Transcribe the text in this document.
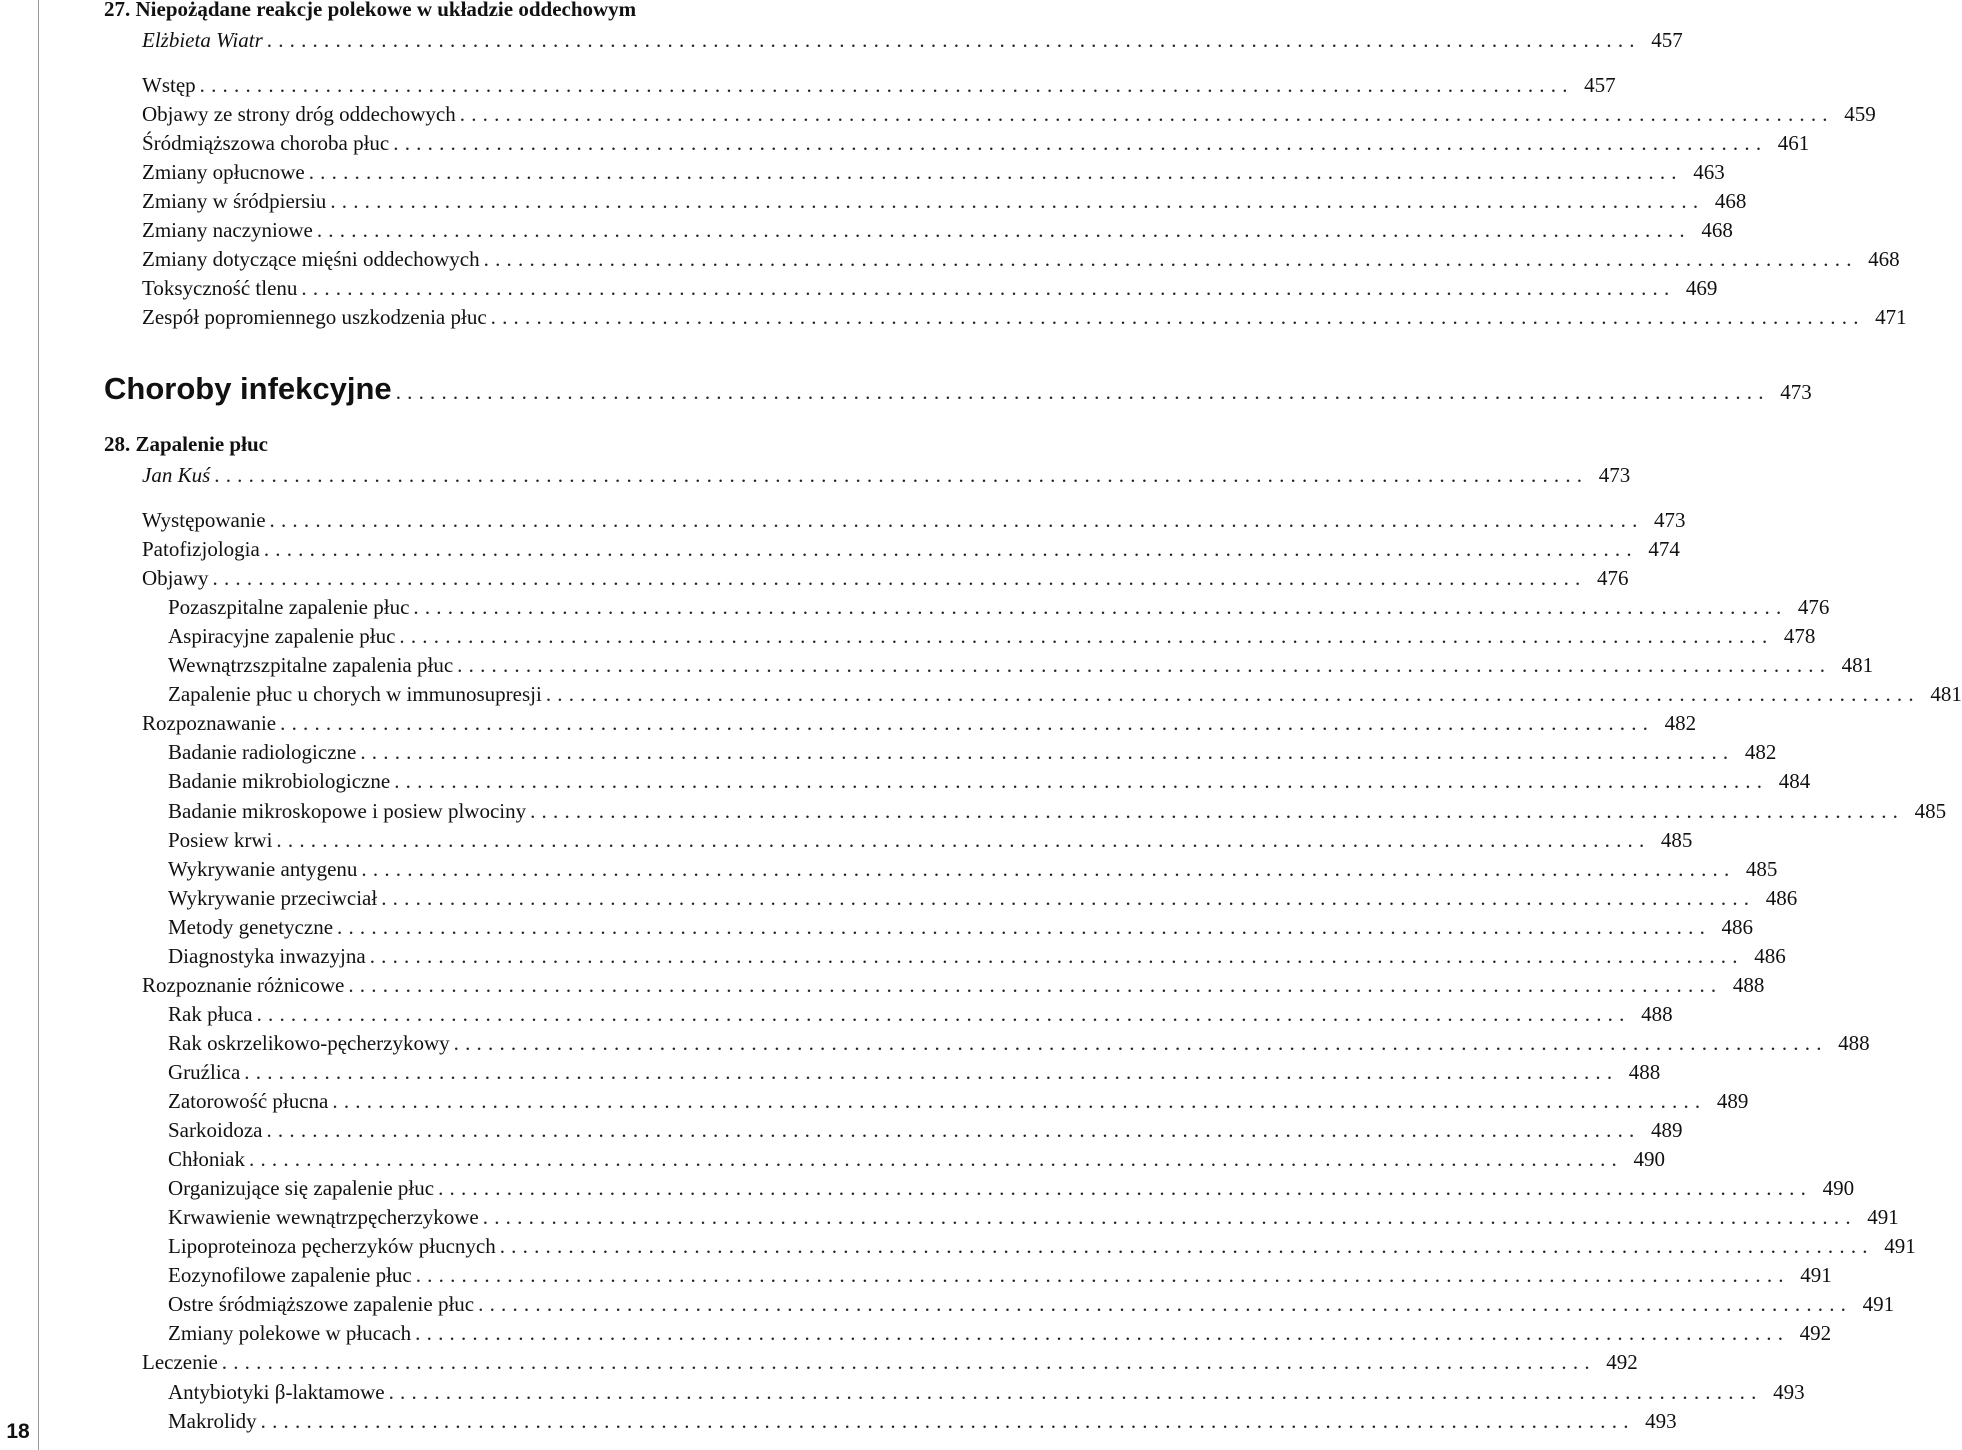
18
27. Niepożądane reakcje polekowe w układzie oddechowym
Elżbieta Wiatr ........................................................................................................................ 457
Wstęp ........................................................................................................................ 457
Objawy ze strony dróg oddechowych ........................................................................................................................ 459
Śródmiąższowa choroba płuc ........................................................................................................................ 461
Zmiany opłucnowe ........................................................................................................................ 463
Zmiany w śródpiersiu ........................................................................................................................ 468
Zmiany naczyniowe ........................................................................................................................ 468
Zmiany dotyczące mięśni oddechowych ........................................................................................................................ 468
Toksyczność tlenu ........................................................................................................................ 469
Zespół popromiennego uszkodzenia płuc ........................................................................................................................ 471
Choroby infekcyjne ........................................................................................................................ 473
28. Zapalenie płuc
Jan Kuś ........................................................................................................................ 473
Występowanie ........................................................................................................................ 473
Patofizjologia ........................................................................................................................ 474
Objawy ........................................................................................................................ 476
Pozaszpitalne zapalenie płuc ........................................................................................................................ 476
Aspiracyjne zapalenie płuc ........................................................................................................................ 478
Wewnątrzszpitalne zapalenia płuc ........................................................................................................................ 481
Zapalenie płuc u chorych w immunosupresji ........................................................................................................................ 481
Rozpoznawanie ........................................................................................................................ 482
Badanie radiologiczne ........................................................................................................................ 482
Badanie mikrobiologiczne ........................................................................................................................ 484
Badanie mikroskopowe i posiew plwociny ........................................................................................................................ 485
Posiew krwi ........................................................................................................................ 485
Wykrywanie antygenu ........................................................................................................................ 485
Wykrywanie przeciwciał ........................................................................................................................ 486
Metody genetyczne ........................................................................................................................ 486
Diagnostyka inwazyjna ........................................................................................................................ 486
Rozpoznanie różnicowe ........................................................................................................................ 488
Rak płuca ........................................................................................................................ 488
Rak oskrzelikowo-pęcherzykowy ........................................................................................................................ 488
Gruźlica ........................................................................................................................ 488
Zatorowość płucna ........................................................................................................................ 489
Sarkoidoza ........................................................................................................................ 489
Chłoniak ........................................................................................................................ 490
Organizujące się zapalenie płuc ........................................................................................................................ 490
Krwawienie wewnątrzpęcherzykowe ........................................................................................................................ 491
Lipoproteinoza pęcherzyków płucnych ........................................................................................................................ 491
Eozynofilowe zapalenie płuc ........................................................................................................................ 491
Ostre śródmiąższowe zapalenie płuc ........................................................................................................................ 491
Zmiany polekowe w płucach ........................................................................................................................ 492
Leczenie ........................................................................................................................ 492
Antybiotyki β-laktamowe ........................................................................................................................ 493
Makrolidy ........................................................................................................................ 493
